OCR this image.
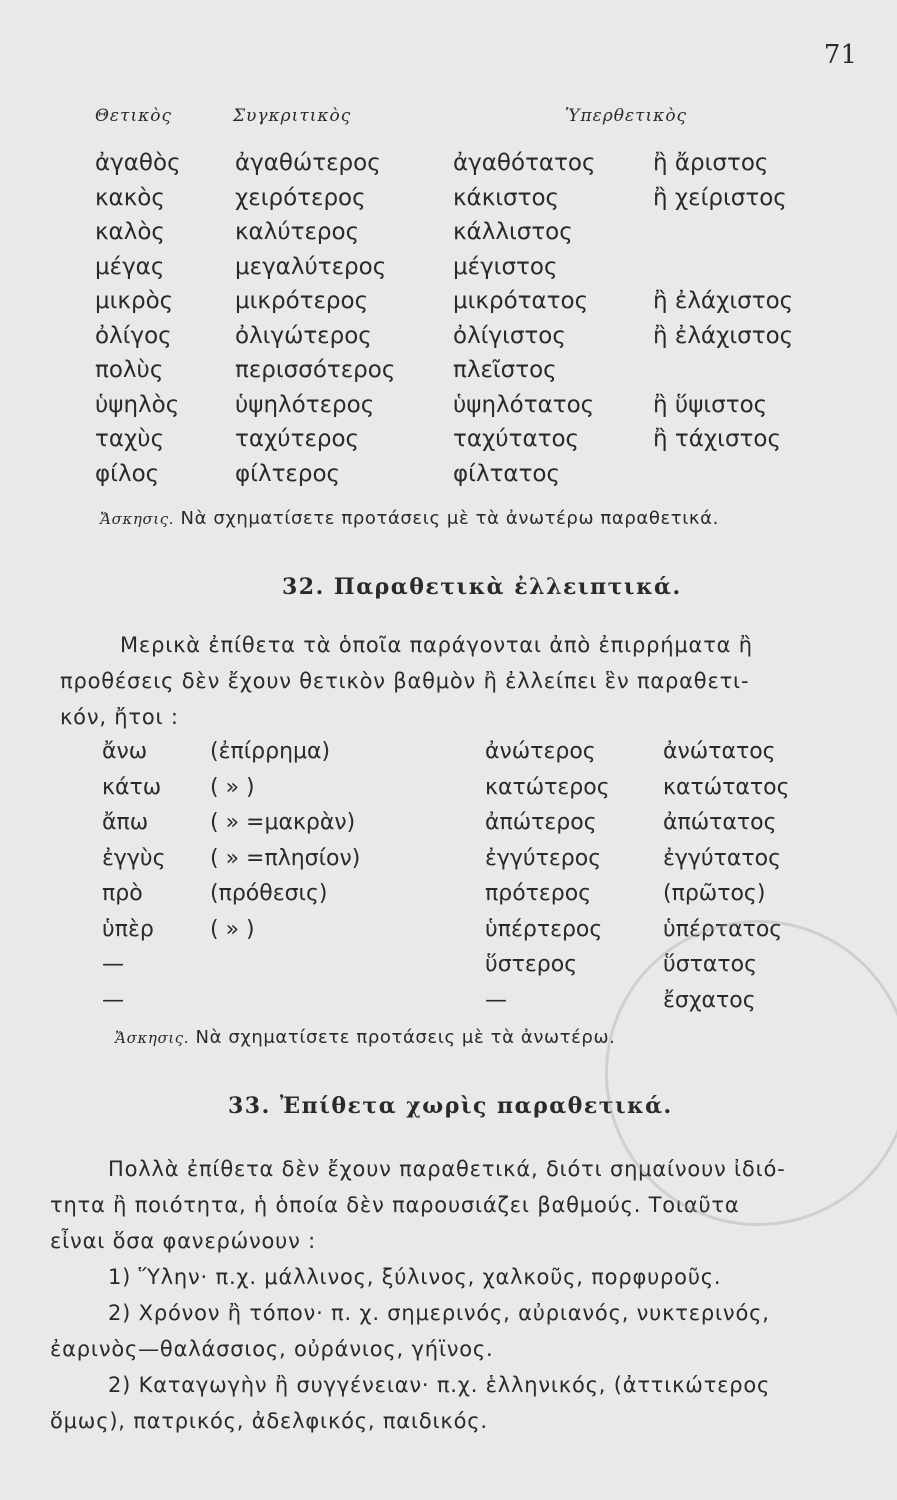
71
Θετικὸς	Συγκριτικὸς	Ὑπερθετικὸς
ἀγαθὸς	ἀγαθώτερος	ἀγαθότατος	ἢ ἄριστος
κακὸς	χειρότερος	κάκιστος	ἢ χείριστος
καλὸς	καλύτερος	κάλλιστος	
μέγας	μεγαλύτερος	μέγιστος	
μικρὸς	μικρότερος	μικρότατος	ἢ ἐλάχιστος
ὀλίγος	ὀλιγώτερος	ὀλίγιστος	ἢ ἐλάχιστος
πολὺς	περισσότερος	πλεῖστος	
ὑψηλὸς	ὑψηλότερος	ὑψηλότατος	ἢ ὕψιστος
ταχὺς	ταχύτερος	ταχύτατος	ἢ τάχιστος
φίλος	φίλτερος	φίλτατος	
Ἄσκησις. Νὰ σχηματίσετε προτάσεις μὲ τὰ ἀνωτέρω παραθετικά.
32. Παραθετικὰ ἐλλειπτικά.
Μερικὰ ἐπίθετα τὰ ὁποῖα παράγονται ἀπὸ ἐπιρρήματα ἢ
προθέσεις δὲν ἔχουν θετικὸν βαθμὸν ἢ ἐλλείπει ἓν παραθετι-
κόν, ἤτοι :
ἄνω	(ἐπίρρημα)	ἀνώτερος	ἀνώτατος
κάτω	( » )	κατώτερος	κατώτατος
ἄπω	( » =μακρὰν)	ἀπώτερος	ἀπώτατος
ἐγγὺς	( » =πλησίον)	ἐγγύτερος	ἐγγύτατος
πρὸ	(πρόθεσις)	πρότερος	(πρῶτος)
ὑπὲρ	( » )	ὑπέρτερος	ὑπέρτατος
—		ὕστερος	ὕστατος
—		—	ἔσχατος
Ἄσκησις. Νὰ σχηματίσετε προτάσεις μὲ τὰ ἀνωτέρω.
33. Ἐπίθετα χωρὶς παραθετικά.
Πολλὰ ἐπίθετα δὲν ἔχουν παραθετικά, διότι σημαίνουν ἰδιό-
τητα ἢ ποιότητα, ἡ ὁποία δὲν παρουσιάζει βαθμούς. Τοιαῦτα
εἶναι ὅσα φανερώνουν :
1) Ὕλην· π.χ. μάλλινος, ξύλινος, χαλκοῦς, πορφυροῦς.
2) Χρόνον ἢ τόπον· π. χ. σημερινός, αὐριανός, νυκτερινός,
ἐαρινὸς—θαλάσσιος, οὐράνιος, γήϊνος.
2) Καταγωγὴν ἢ συγγένειαν· π.χ. ἑλληνικός, (ἀττικώτερος
ὅμως), πατρικός, ἀδελφικός, παιδικός.
